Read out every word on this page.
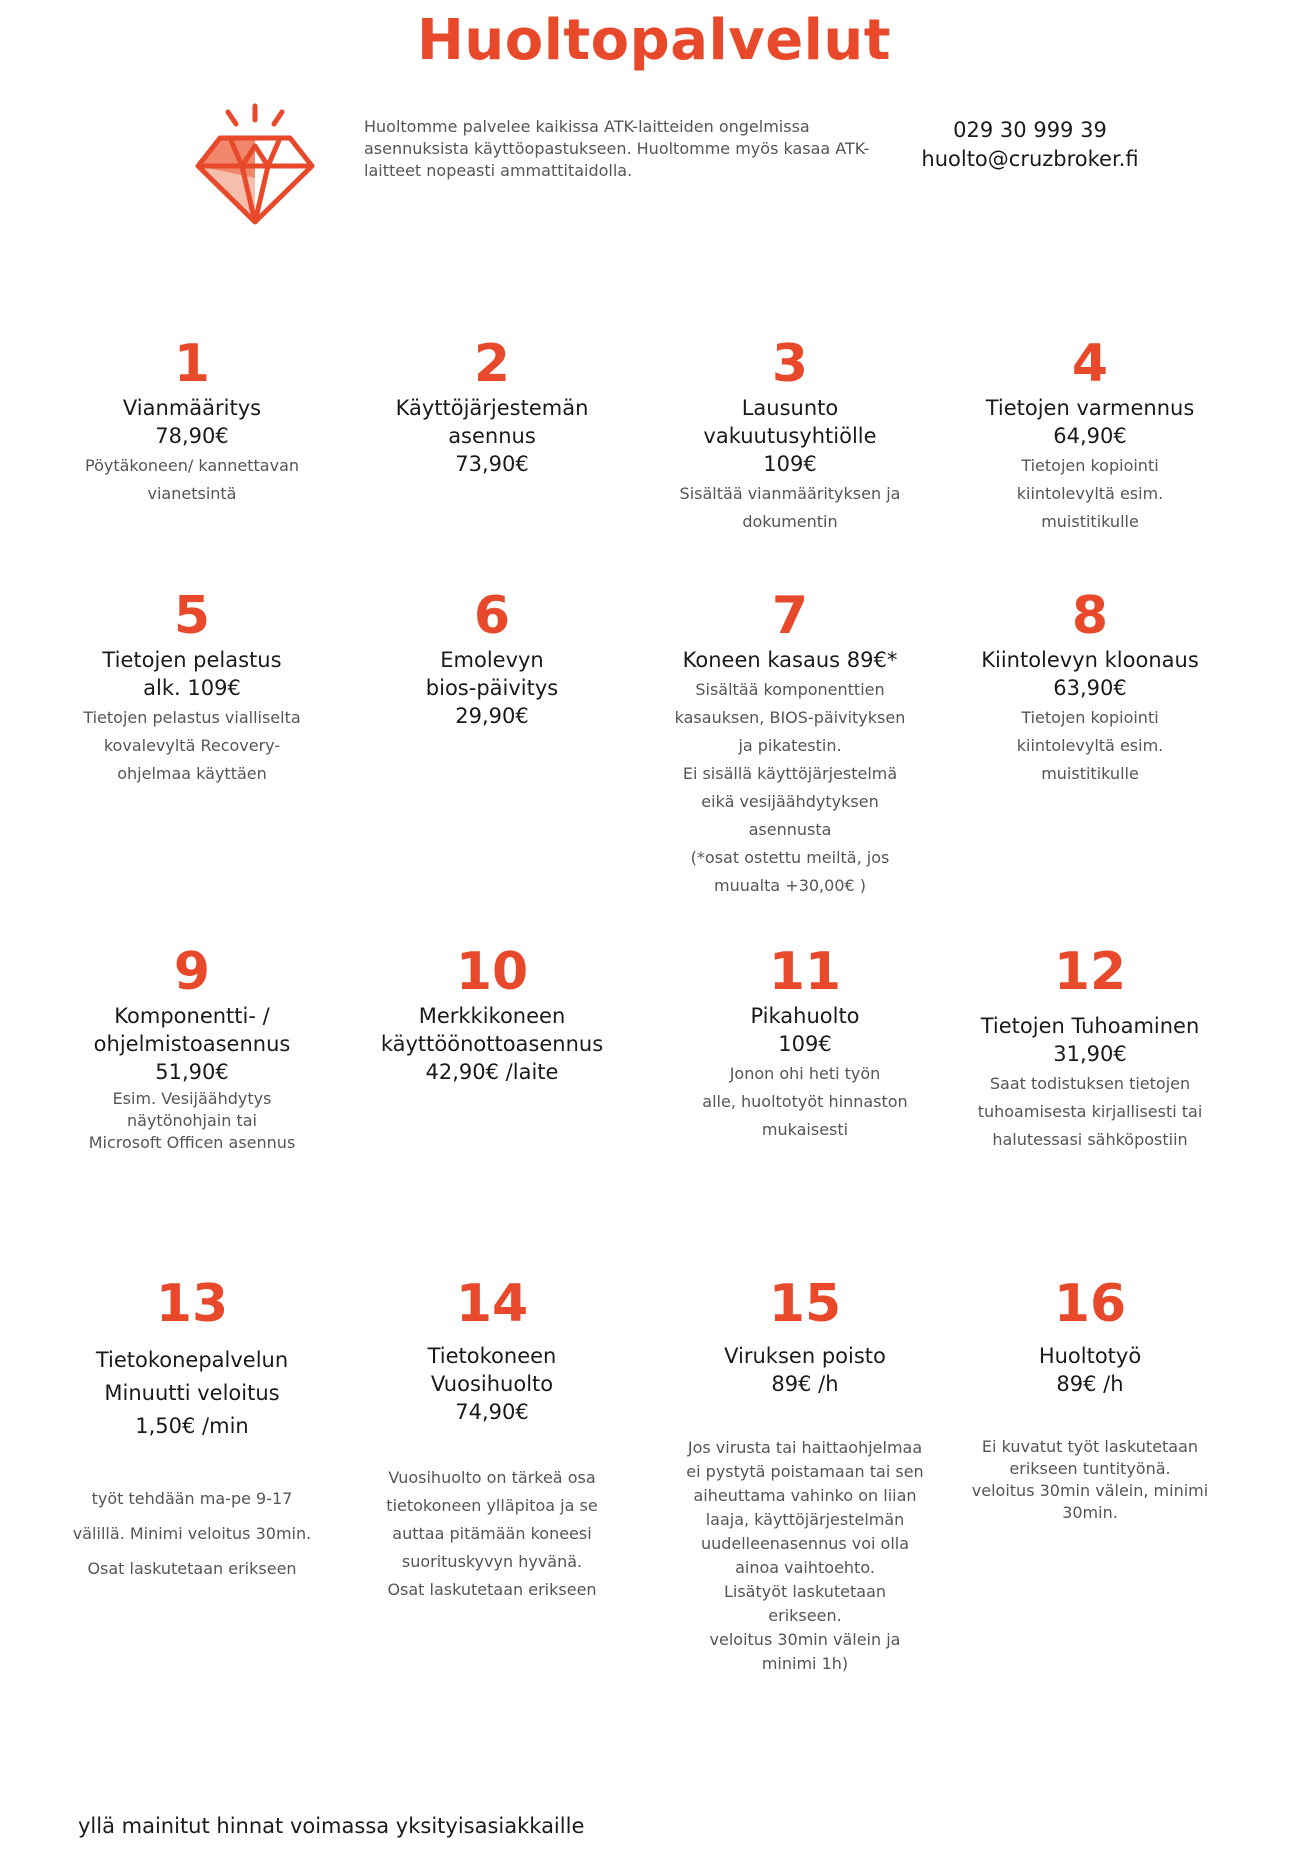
Huoltopalvelut

Huoltomme palvelee kaikissa ATK-laitteiden ongelmissa asennuksista käyttöopastukseen. Huoltomme myös kasaa ATK-laitteet nopeasti ammattitaidolla.

029 30 999 39
huolto@cruzbroker.fi
1
Vianmääritys
78,90€
Pöytäkoneen/ kannettavan
vianetsintä
2
Käyttöjärjestemän
asennus
73,90€
3
Lausunto
vakuutusyhtiölle
109€
Sisältää vianmäärityksen ja
dokumentin
4
Tietojen varmennus
64,90€
Tietojen kopiointi
kiintolevyltä esim.
muistitikulle
5
Tietojen pelastus
alk. 109€
Tietojen pelastus vialliselta
kovalevyltä Recovery-
ohjelmaa käyttäen
6
Emolevyn
bios-päivitys
29,90€
7
Koneen kasaus 89€*
Sisältää komponenttien
kasauksen, BIOS-päivityksen
ja pikatestin.
Ei sisällä käyttöjärjestelmä
eikä vesijäähdytyksen
asennusta
(*osat ostettu meiltä, jos
muualta +30,00€ )
8
Kiintolevyn kloonaus
63,90€
Tietojen kopiointi
kiintolevyltä esim.
muistitikulle
9
Komponentti- /
ohjelmistoasennus
51,90€
Esim. Vesijäähdytys
näytönohjain tai
Microsoft Officen asennus
10
Merkkikoneen
käyttöönottoasennus
42,90€ /laite
11
Pikahuolto
109€
Jonon ohi heti työn
alle, huoltotyöt hinnaston
mukaisesti
12
Tietojen Tuhoaminen
31,90€
Saat todistuksen tietojen
tuhoamisesta kirjallisesti tai
halutessasi sähköpostiin
13
Tietokonepalvelun
Minuutti veloitus
1,50€ /min
työt tehdään ma-pe 9-17
välillä. Minimi veloitus 30min.
Osat laskutetaan erikseen
14
Tietokoneen
Vuosihuolto
74,90€
Vuosihuolto on tärkeä osa
tietokoneen ylläpitoa ja se
auttaa pitämään koneesi
suorituskyvyn hyvänä.
Osat laskutetaan erikseen
15
Viruksen poisto
89€ /h
Jos virusta tai haittaohjelmaa
ei pystytä poistamaan tai sen
aiheuttama vahinko on liian
laaja, käyttöjärjestelmän
uudelleenasennus voi olla
ainoa vaihtoehto.
Lisätyöt laskutetaan
erikseen.
veloitus 30min välein ja
minimi 1h)
16
Huoltotyö
89€ /h
Ei kuvatut työt laskutetaan
erikseen tuntityönä.
veloitus 30min välein, minimi
30min.

yllä mainitut hinnat voimassa yksityisasiakkaille
